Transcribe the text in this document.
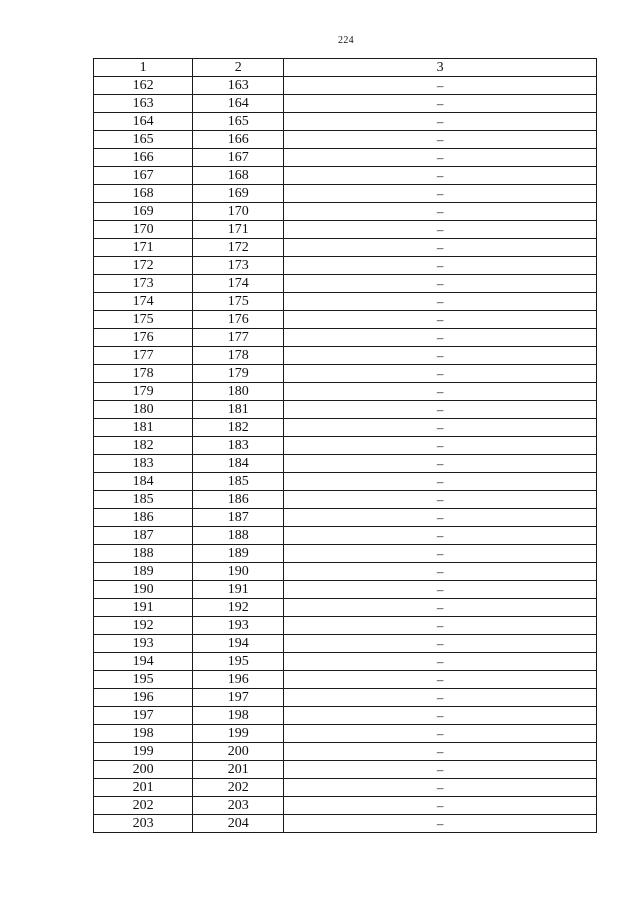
224
1	2	3
162	163	–
163	164	–
164	165	–
165	166	–
166	167	–
167	168	–
168	169	–
169	170	–
170	171	–
171	172	–
172	173	–
173	174	–
174	175	–
175	176	–
176	177	–
177	178	–
178	179	–
179	180	–
180	181	–
181	182	–
182	183	–
183	184	–
184	185	–
185	186	–
186	187	–
187	188	–
188	189	–
189	190	–
190	191	–
191	192	–
192	193	–
193	194	–
194	195	–
195	196	–
196	197	–
197	198	–
198	199	–
199	200	–
200	201	–
201	202	–
202	203	–
203	204	–
